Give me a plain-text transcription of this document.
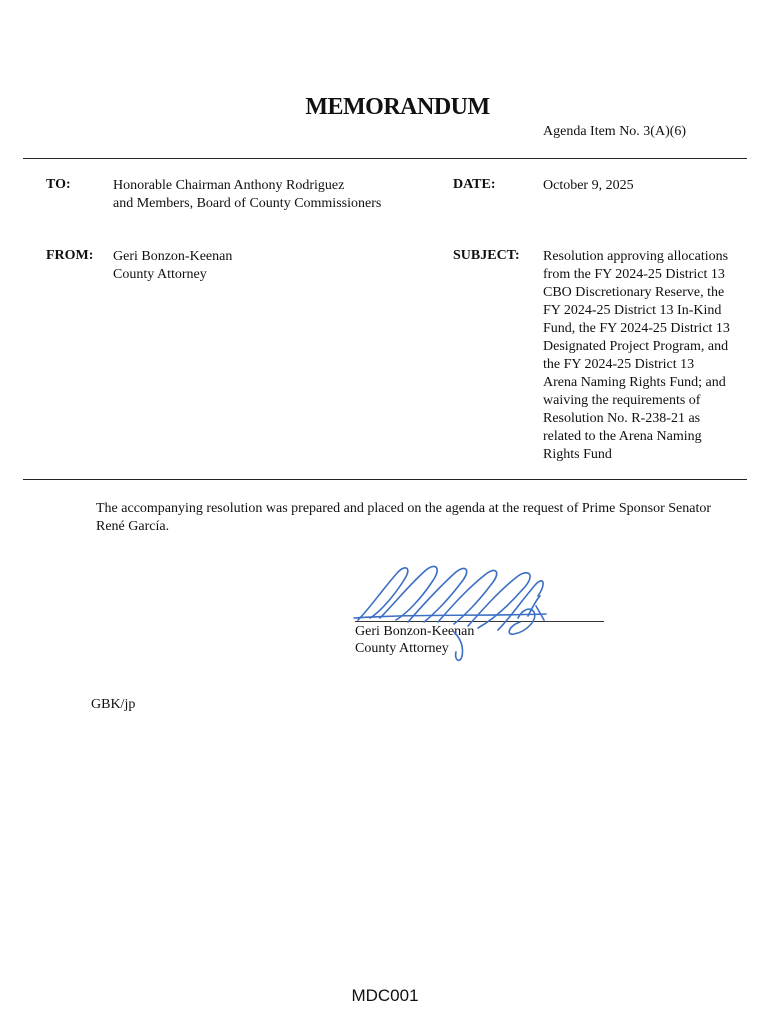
MEMORANDUM
Agenda Item No. 3(A)(6)
TO:	Honorable Chairman Anthony Rodriguez
and Members, Board of County Commissioners
DATE:	October 9, 2025
FROM: Geri Bonzon-Keenan
County Attorney
SUBJECT: Resolution approving allocations
from the FY 2024-25 District 13
CBO Discretionary Reserve, the
FY 2024-25 District 13 In-Kind
Fund, the FY 2024-25 District 13
Designated Project Program, and
the FY 2024-25 District 13
Arena Naming Rights Fund; and
waiving the requirements of
Resolution No. R-238-21 as
related to the Arena Naming
Rights Fund
The accompanying resolution was prepared and placed on the agenda at the request of Prime Sponsor Senator René García.
Geri Bonzon-Keenan
County Attorney
GBK/jp
MDC001
